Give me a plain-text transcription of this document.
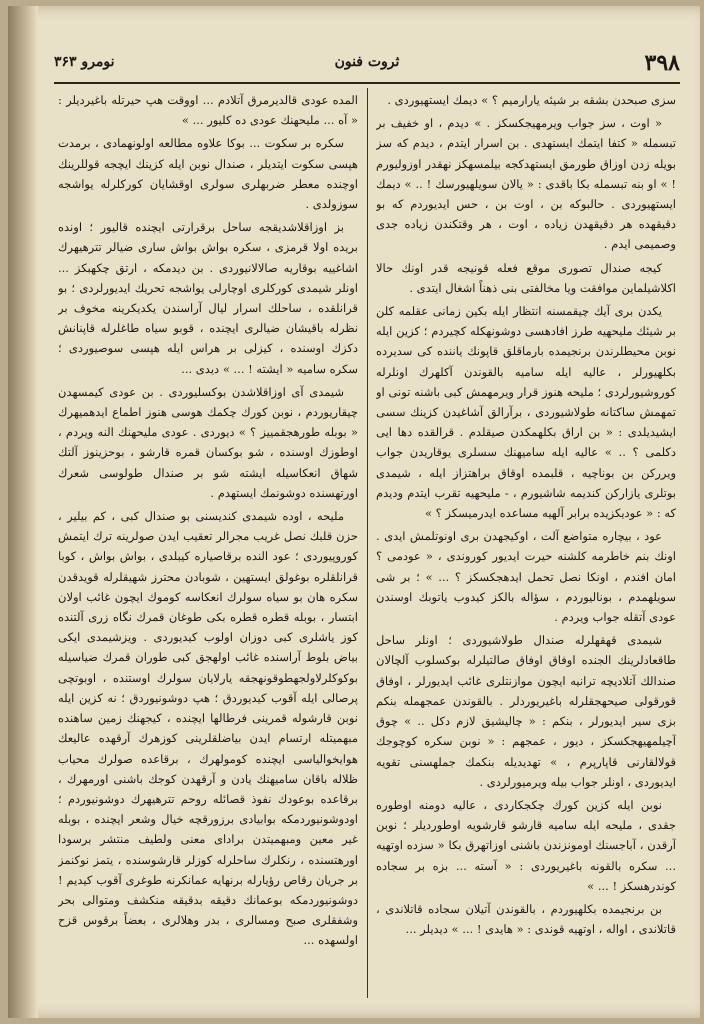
۳۹۸
ثروت فنون
نومرو ۳۶۳

سزی صبحدن بشقه بر شیئه یارارمیم ؟ » دیمك ایستهیوردی .

« اوت ، سز جواب ویرمهیجکسکز . » دیدم ، او خفیف بر تبسمله « کتفا ایتمك ایستهدی . بن اسرار ایتدم ، دیدم که سز بویله زدن اوزاق طورمق ایستهدکجه بیلمسهکز نهقدر اوزولیورم ! » او بنه تبسمله بکا باقدی : « یالان سویلهیورسك ! .. » دیمك ایستهیوردی . حالبوکه بن ، اوت بن ، حس ایدیوردم که بو دقیقهده هر دقیقهدن زیاده ، اوت ، هر وقتکندن زیاده جدی وصمیمی ایدم .

کیجه صندال تصوری موقع فعله قونیجه قدر اونك حالا اکلاشیلماین موافقت ویا مخالفتی بنی ذهناً اشغال ایتدی .

یکدن بری آیك چیقمسنه انتظار ایله بکین زمانی عقلمه کلن بر شیئك ملیحهیه طرز افادهسی دوشونهکله کچیردم ؛ کزین ایله نوبن محیطلرندن برنجیمده بارماقلق قاپونك یاننده کی سدیرده بکلهیورلر ، عالیه ایله سامیه بالقوندن آکلهرك اونلرله کوروشیورلردی ؛ ملیحه هنوز قرار ویرمهمش کبی باشنه تونی او تمهمش ساکتانه طولاشیوردی ، برآرالق آشاغیدن کزینك سسی ایشیدیلدی : « بن اراق بکلهمکدن صیقلدم . قرالقده دها ایی دکلمی ؟ .. » عالیه ایله سامیهنك سسلری یوقاریدن جواب ویررکن بن بوناچیه ، قلبمده اوقاق براهتزاز ایله ، شیمدی بوتلری یازارکن کندیمه شاشیورم ، - ملیحهیه تقرب ایتدم ودیدم که : « عودیکزیده برابر آلهیه مساعده ایدرمیسکز ؟ »

عود ، بیچاره متواضع آلت ، اوکیجهدن بری اونوتلمش ایدی . اونك بنم خاطرمه کلشنه حیرت ایدیور کوروندی ، « عودمی ؟ امان افندم ، اونکا نصل تحمل ایدهجکسکز ؟ ... » ؛ بر شی سویلهمدم ، بونالیوردم ، سؤاله بالکز کیدوب یاتوبك اوسندن عودی آتقله جواب ویردم .

شیمدی قهقهلرله صندال طولاشیوردی ؛ اونلر ساحل طاقعادلرینك الجنده اوفاق اوفاق صالتیلرله بوکسلوب آلچالان صندالك آتلادیچه ترانیه ایچون موازنتلری غائب ایدیورلر ، اوفاق قورقولی صیحهجقلرله باغیریوردلر . بالقوندن عمجهمله بنکم بزی سیر ایدیورلر ، بنکم : « چالیشیق لازم دکل .. » چوق آچیلمهیهجکسکز ، دیور ، عمجهم : « نوبن سکره کوچوجك قولالقارنی قاپارپرم ، » تهدیدیله بنکمك جملهسنی تقویه ایدیوردی ، اونلر جواب بیله ویرمیورلردی .

نوبن ایله کزین کورك چکجکاردی ، عالیه دومنه اوطوره جقدی ، ملیحه ایله سامیه قارشو قارشویه اوطوردیلر ؛ نوبن آرقدن ، آباجسنك اومونزندن باشنی اوزاتهرق بکا « سزده اوتهیه ... سکره بالقونه باغیریوردی : « آسته ... بزه بر سجاده کوندرهسکز ! ... »

بن برنجیمده بکلهیوردم ، بالقوندن آتیلان سجاده قاتلاندی ، قاتلاندی ، اواله ، اوتهیه قوندی : « هایدی ! ... » دیدیلر ...

المده عودی قالدیرمرق آتلادم ... اووقت هپ حیرتله باغیردیلر : « آه ... ملیحهنك عودی ده کلیور ... »

سکره بر سکوت ... بوکا علاوه مطالعه اولونهمادی ، برمدت هپسی سکوت ایتدیلر ، صندال نوبن ایله کزینك ایچجه قوللرینك اوچنده معطر ضربهلری سولری اوقشایان کورکلرله یواشجه سوزولدی .

بز اوزاقلاشدیقجه ساحل برقرارتی ایچنده قالیور ؛ اونده بریده اولا قرمزی ، سکره بواش بواش ساری ضیالر تترهیهرك اشاغییه بوقاریه صالالانیوردی . بن دیدمکه ، ارتق چکهبکز ... اونلر شیمدی کورکلری اوچارلی یواشجه تحریك ایدیورلردی ؛ بو قرانلقده ، ساحلك اسرار لیال آراسندن یکدیکرینه مخوف بر نظرله باقیشان ضیالری ایچنده ، قوبو سیاه طاغلرله قاپنانش دکزك اوسنده ، کیزلی بر هراس ایله هپسی سوصیوردی ؛ سکره سامیه « ایشته ! ... » دیدی ...

شیمدی آی اوزاقلاشدن بوکسلیوردی . بن عودی کیمسهدن چیقاریوردم ، نوبن کورك چکمك هوسی هنوز اطماع ایدهمیهرك « بوبله طورهجقمییز ؟ » دیوردی . عودی ملیحهنك النه ویردم ، اوطوزك اوسنده ، شو بوکسان قمره قارشو ، بوحزینوز آلتك شهاق انعکاسیله ایشته شو بر صندال طولوسی شعرك اورتهسنده دوشونمك ایستهدم .

ملیحه ، اوده شیمدی کندیسنی بو صندال کبی ، کم بیلیر ، حزن قلبك نصل غریب مجرالر تعقیب ایدن صولرینه ترك ایتمش کوروپیوردی ؛ عود النده برقاصیاره کیبلدی ، بواش بواش ، کوبا قرانلقلره بوغولق ایستهین ، شوبادن محترز شهیقلرله قویدقدن سکره هان بو سیاه سولرك انعکاسه کوموك ایچون غائب اولان ابتسار ، بوبله قطره قطره بکی طوغان قمرك نگاه زری آلتنده کوز یاشلری کبی دوزان اولوب کیدیوردی . ویزشیمدی ایکی بیاض بلوط آراسنده غائب اولهجق کبی طوران قمرك ضیاسیله بوکوکلرلاولجهطوقونهجقه یارلایان سولرك اوستنده ، اوبوتچی پرصالی ایله آقوب کیدیوردق ؛ هپ دوشونیوردق ؛ نه کزین ایله نوبن قارشوله قمرینی فرطالها ایچنده ، کیجهنك زمین ساهنده مبهمیتله ارتسام ایدن بیاضلقلرینی کوزهرك آرقهده عالیعك هوایخوالیاسی ایچنده کومولهرك ، برقاعده صولرك محیاب ظلاله باقان سامیهنك یادن و آرقهدن کوجك باشنی اورمهرك ، برقاعده بوعودك نفوذ قصائله روحم تترهیهرك دوشونیوردم ؛ اودوشونیوردمکه بوابیادی برزورقچه خیال وشعر ایچنده ، بوبله غیر معین ومبهمیتدن برادای معنی ولطیف منتشر برسودا اورهتسنده ، رنکلرك ساحلرله کوزلر قارشوسنده ، یتمز نوکنمز بر جریان رقاص رؤیارله برنهایه عمانکرنه طوغری آقوب کیدیم ! دوشونیوردمکه بوعمانك دقیقه بدقیقه منکشف ومتوالی بحر وشفقلری صبح ومسالری ، بدر وهلالری ، بعضاً برقوس قزح اولسهده ...
